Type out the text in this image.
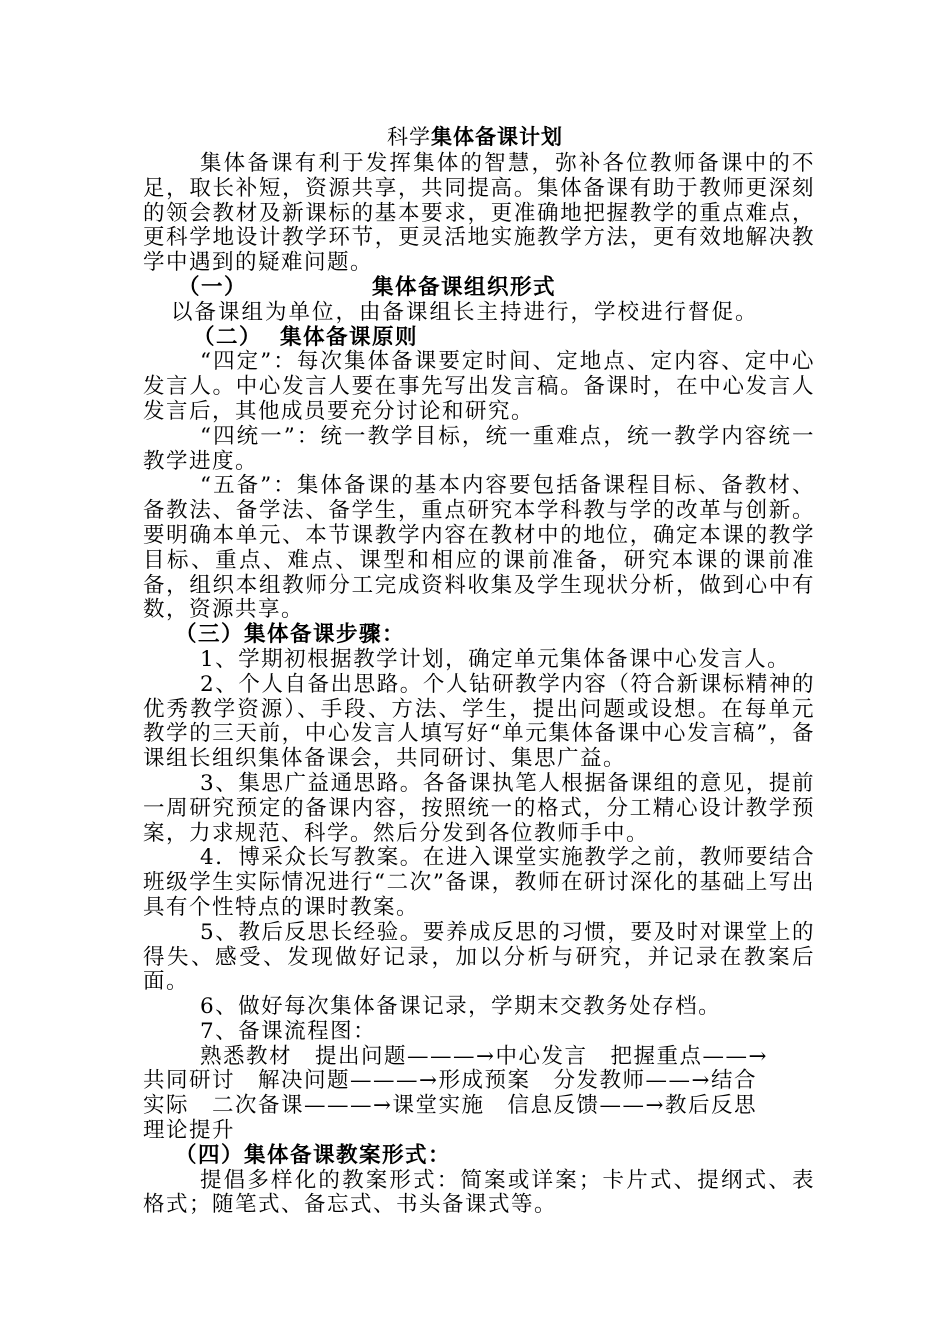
科学集体备课计划

集体备课有利于发挥集体的智慧，弥补各位教师备课中的不足，取长补短，资源共享，共同提高。集体备课有助于教师更深刻的领会教材及新课标的基本要求，更准确地把握教学的重点难点，更科学地设计教学环节，更灵活地实施教学方法，更有效地解决教学中遇到的疑难问题。

（一）	集体备课组织形式

以备课组为单位，由备课组长主持进行，学校进行督促。

（二） 集体备课原则

“四定”：每次集体备课要定时间、定地点、定内容、定中心发言人。中心发言人要在事先写出发言稿。备课时，在中心发言人发言后，其他成员要充分讨论和研究。

“四统一”：统一教学目标，统一重难点，统一教学内容统一教学进度。

“五备”：集体备课的基本内容要包括备课程目标、备教材、备教法、备学法、备学生，重点研究本学科教与学的改革与创新。要明确本单元、本节课教学内容在教材中的地位，确定本课的教学目标、重点、难点、课型和相应的课前准备，研究本课的课前准备，组织本组教师分工完成资料收集及学生现状分析，做到心中有数，资源共享。

（三）集体备课步骤：

1、学期初根据教学计划，确定单元集体备课中心发言人。

2、个人自备出思路。个人钻研教学内容（符合新课标精神的优秀教学资源）、手段、方法、学生，提出问题或设想。在每单元教学的三天前，中心发言人填写好“单元集体备课中心发言稿”，备课组长组织集体备课会，共同研讨、集思广益。

3、集思广益通思路。各备课执笔人根据备课组的意见，提前一周研究预定的备课内容，按照统一的格式，分工精心设计教学预案，力求规范、科学。然后分发到各位教师手中。

4．博采众长写教案。在进入课堂实施教学之前，教师要结合班级学生实际情况进行“二次”备课，教师在研讨深化的基础上写出具有个性特点的课时教案。

5、教后反思长经验。要养成反思的习惯，要及时对课堂上的得失、感受、发现做好记录，加以分析与研究，并记录在教案后面。

6、做好每次集体备课记录，学期末交教务处存档。

7、备课流程图：

熟悉教材　提出问题———→中心发言　把握重点——→

共同研讨　解决问题———→形成预案　分发教师——→结合

实际　二次备课———→课堂实施　信息反馈——→教后反思

理论提升

（四）集体备课教案形式：

提倡多样化的教案形式：简案或详案；卡片式、提纲式、表格式；随笔式、备忘式、书头备课式等。
